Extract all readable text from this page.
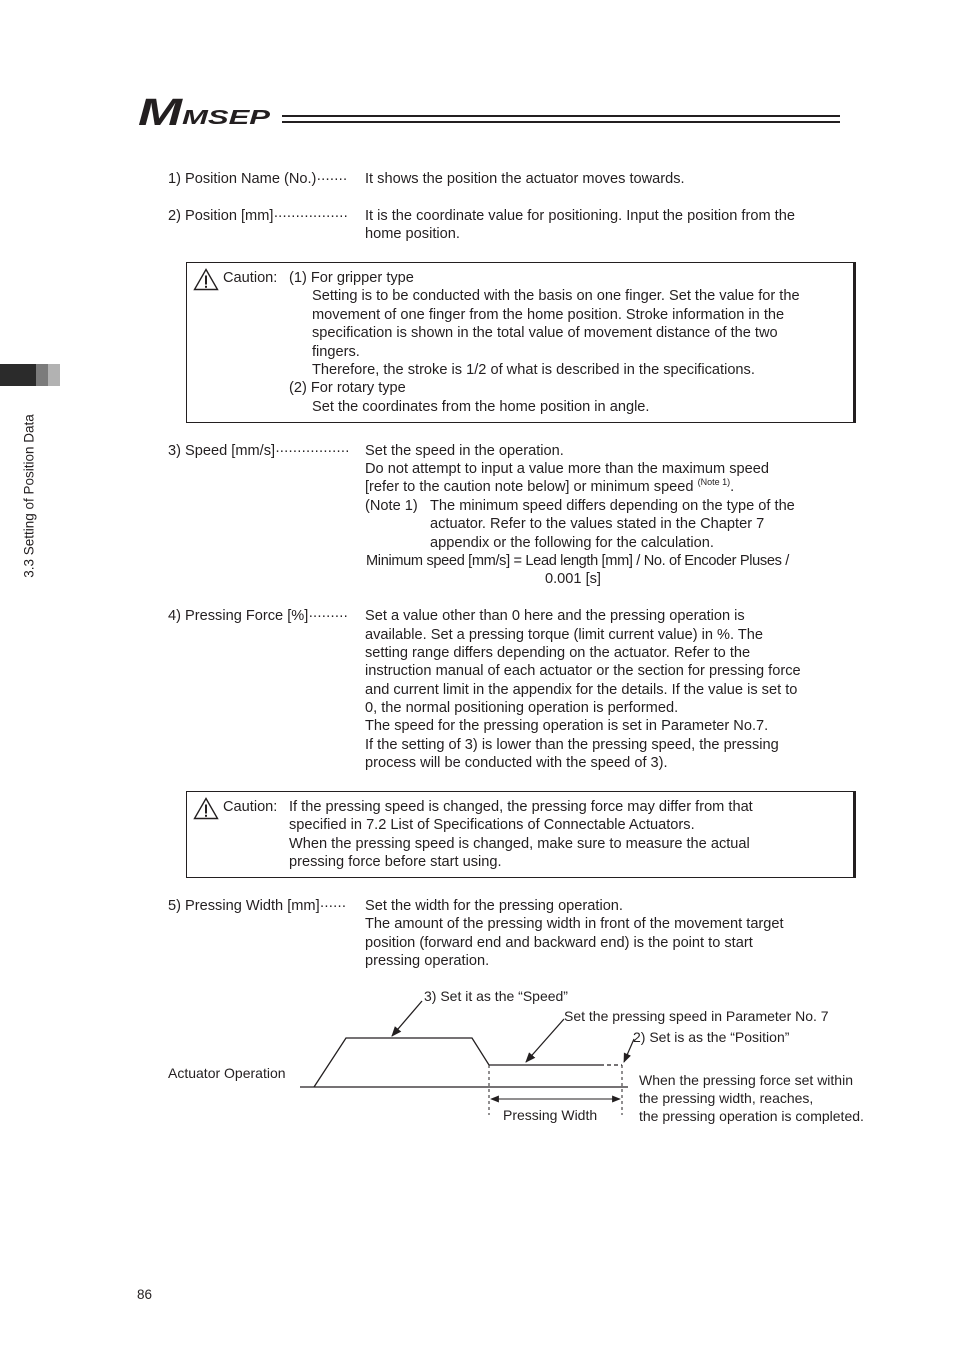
M
MSEP
3.3 Setting of Position Data
1) Position Name (No.)······· It shows the position the actuator moves towards.
2) Position [mm]················· It is the coordinate value for positioning. Input the position from the
home position.
Caution: (1) For gripper type
Setting is to be conducted with the basis on one finger. Set the value for the
movement of one finger from the home position. Stroke information in the
specification is shown in the total value of movement distance of the two
fingers.
Therefore, the stroke is 1/2 of what is described in the specifications.
(2) For rotary type
Set the coordinates from the home position in angle.
3) Speed [mm/s]················· Set the speed in the operation.
Do not attempt to input a value more than the maximum speed
[refer to the caution note below] or minimum speed $^{(Note 1)}$.
(Note 1) The minimum speed differs depending on the type of the
actuator. Refer to the values stated in the Chapter 7
appendix or the following for the calculation.
Minimum speed [mm/s] = Lead length [mm] / No. of Encoder Pluses /
0.001 [s]
4) Pressing Force [%]········· Set a value other than 0 here and the pressing operation is
available. Set a pressing torque (limit current value) in %. The
setting range differs depending on the actuator. Refer to the
instruction manual of each actuator or the section for pressing force
and current limit in the appendix for the details. If the value is set to
0, the normal positioning operation is performed.
The speed for the pressing operation is set in Parameter No.7.
If the setting of 3) is lower than the pressing speed, the pressing
process will be conducted with the speed of 3).
Caution: If the pressing speed is changed, the pressing force may differ from that
specified in 7.2 List of Specifications of Connectable Actuators.
When the pressing speed is changed, make sure to measure the actual
pressing force before start using.
5) Pressing Width [mm]······ Set the width for the pressing operation.
The amount of the pressing width in front of the movement target
position (forward end and backward end) is the point to start
pressing operation.
3) Set it as the “Speed”
Set the pressing speed in Parameter No. 7
2) Set is as the “Position”
Actuator Operation
Pressing Width
When the pressing force set within
the pressing width, reaches,
the pressing operation is completed.
86
